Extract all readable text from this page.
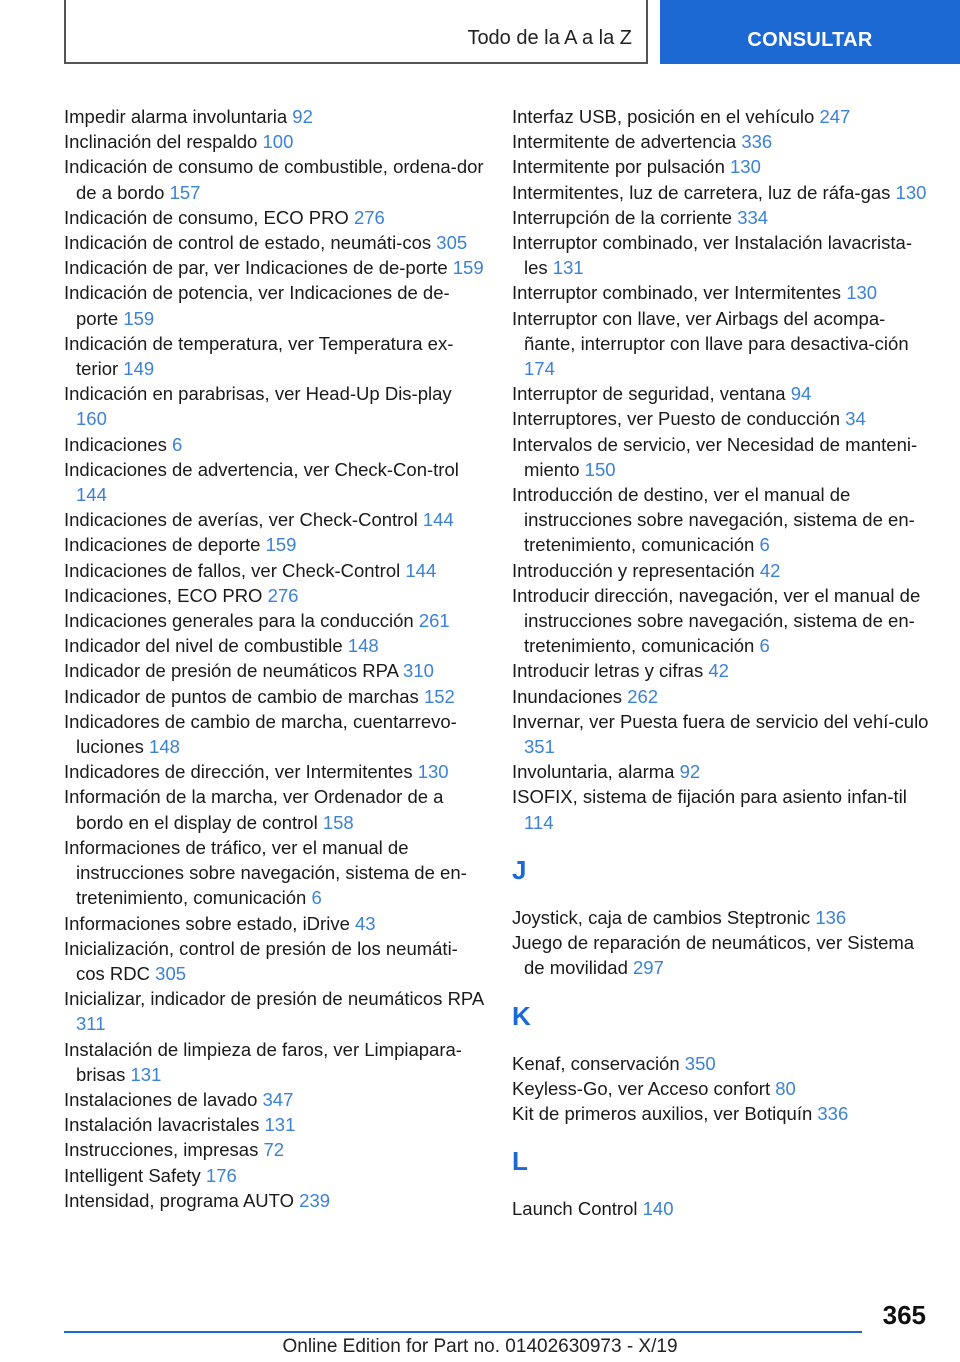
Todo de la A a la Z	CONSULTAR
Impedir alarma involuntaria 92
Inclinación del respaldo 100
Indicación de consumo de combustible, ordena‐dor de a bordo 157
Indicación de consumo, ECO PRO 276
Indicación de control de estado, neumáti‐cos 305
Indicación de par, ver Indicaciones de de‐porte 159
Indicación de potencia, ver Indicaciones de de‐porte 159
Indicación de temperatura, ver Temperatura ex‐terior 149
Indicación en parabrisas, ver Head-Up Dis‐play 160
Indicaciones 6
Indicaciones de advertencia, ver Check-Con‐trol 144
Indicaciones de averías, ver Check-Control 144
Indicaciones de deporte 159
Indicaciones de fallos, ver Check-Control 144
Indicaciones, ECO PRO 276
Indicaciones generales para la conducción 261
Indicador del nivel de combustible 148
Indicador de presión de neumáticos RPA 310
Indicador de puntos de cambio de marchas 152
Indicadores de cambio de marcha, cuentarrevo‐luciones 148
Indicadores de dirección, ver Intermitentes 130
Información de la marcha, ver Ordenador de a bordo en el display de control 158
Informaciones de tráfico, ver el manual de instrucciones sobre navegación, sistema de en‐tretenimiento, comunicación 6
Informaciones sobre estado, iDrive 43
Inicialización, control de presión de los neumáti‐cos RDC 305
Inicializar, indicador de presión de neumáticos RPA 311
Instalación de limpieza de faros, ver Limpiapara‐brisas 131
Instalaciones de lavado 347
Instalación lavacristales 131
Instrucciones, impresas 72
Intelligent Safety 176
Intensidad, programa AUTO 239
Interfaz USB, posición en el vehículo 247
Intermitente de advertencia 336
Intermitente por pulsación 130
Intermitentes, luz de carretera, luz de ráfa‐gas 130
Interrupción de la corriente 334
Interruptor combinado, ver Instalación lavacrista‐les 131
Interruptor combinado, ver Intermitentes 130
Interruptor con llave, ver Airbags del acompa‐ñante, interruptor con llave para desactiva‐ción 174
Interruptor de seguridad, ventana 94
Interruptores, ver Puesto de conducción 34
Intervalos de servicio, ver Necesidad de manteni‐miento 150
Introducción de destino, ver el manual de instrucciones sobre navegación, sistema de en‐tretenimiento, comunicación 6
Introducción y representación 42
Introducir dirección, navegación, ver el manual de instrucciones sobre navegación, sistema de en‐tretenimiento, comunicación 6
Introducir letras y cifras 42
Inundaciones 262
Invernar, ver Puesta fuera de servicio del vehí‐culo 351
Involuntaria, alarma 92
ISOFIX, sistema de fijación para asiento infan‐til 114
J
Joystick, caja de cambios Steptronic 136
Juego de reparación de neumáticos, ver Sistema de movilidad 297
K
Kenaf, conservación 350
Keyless-Go, ver Acceso confort 80
Kit de primeros auxilios, ver Botiquín 336
L
Launch Control 140
365
Online Edition for Part no. 01402630973 - X/19
